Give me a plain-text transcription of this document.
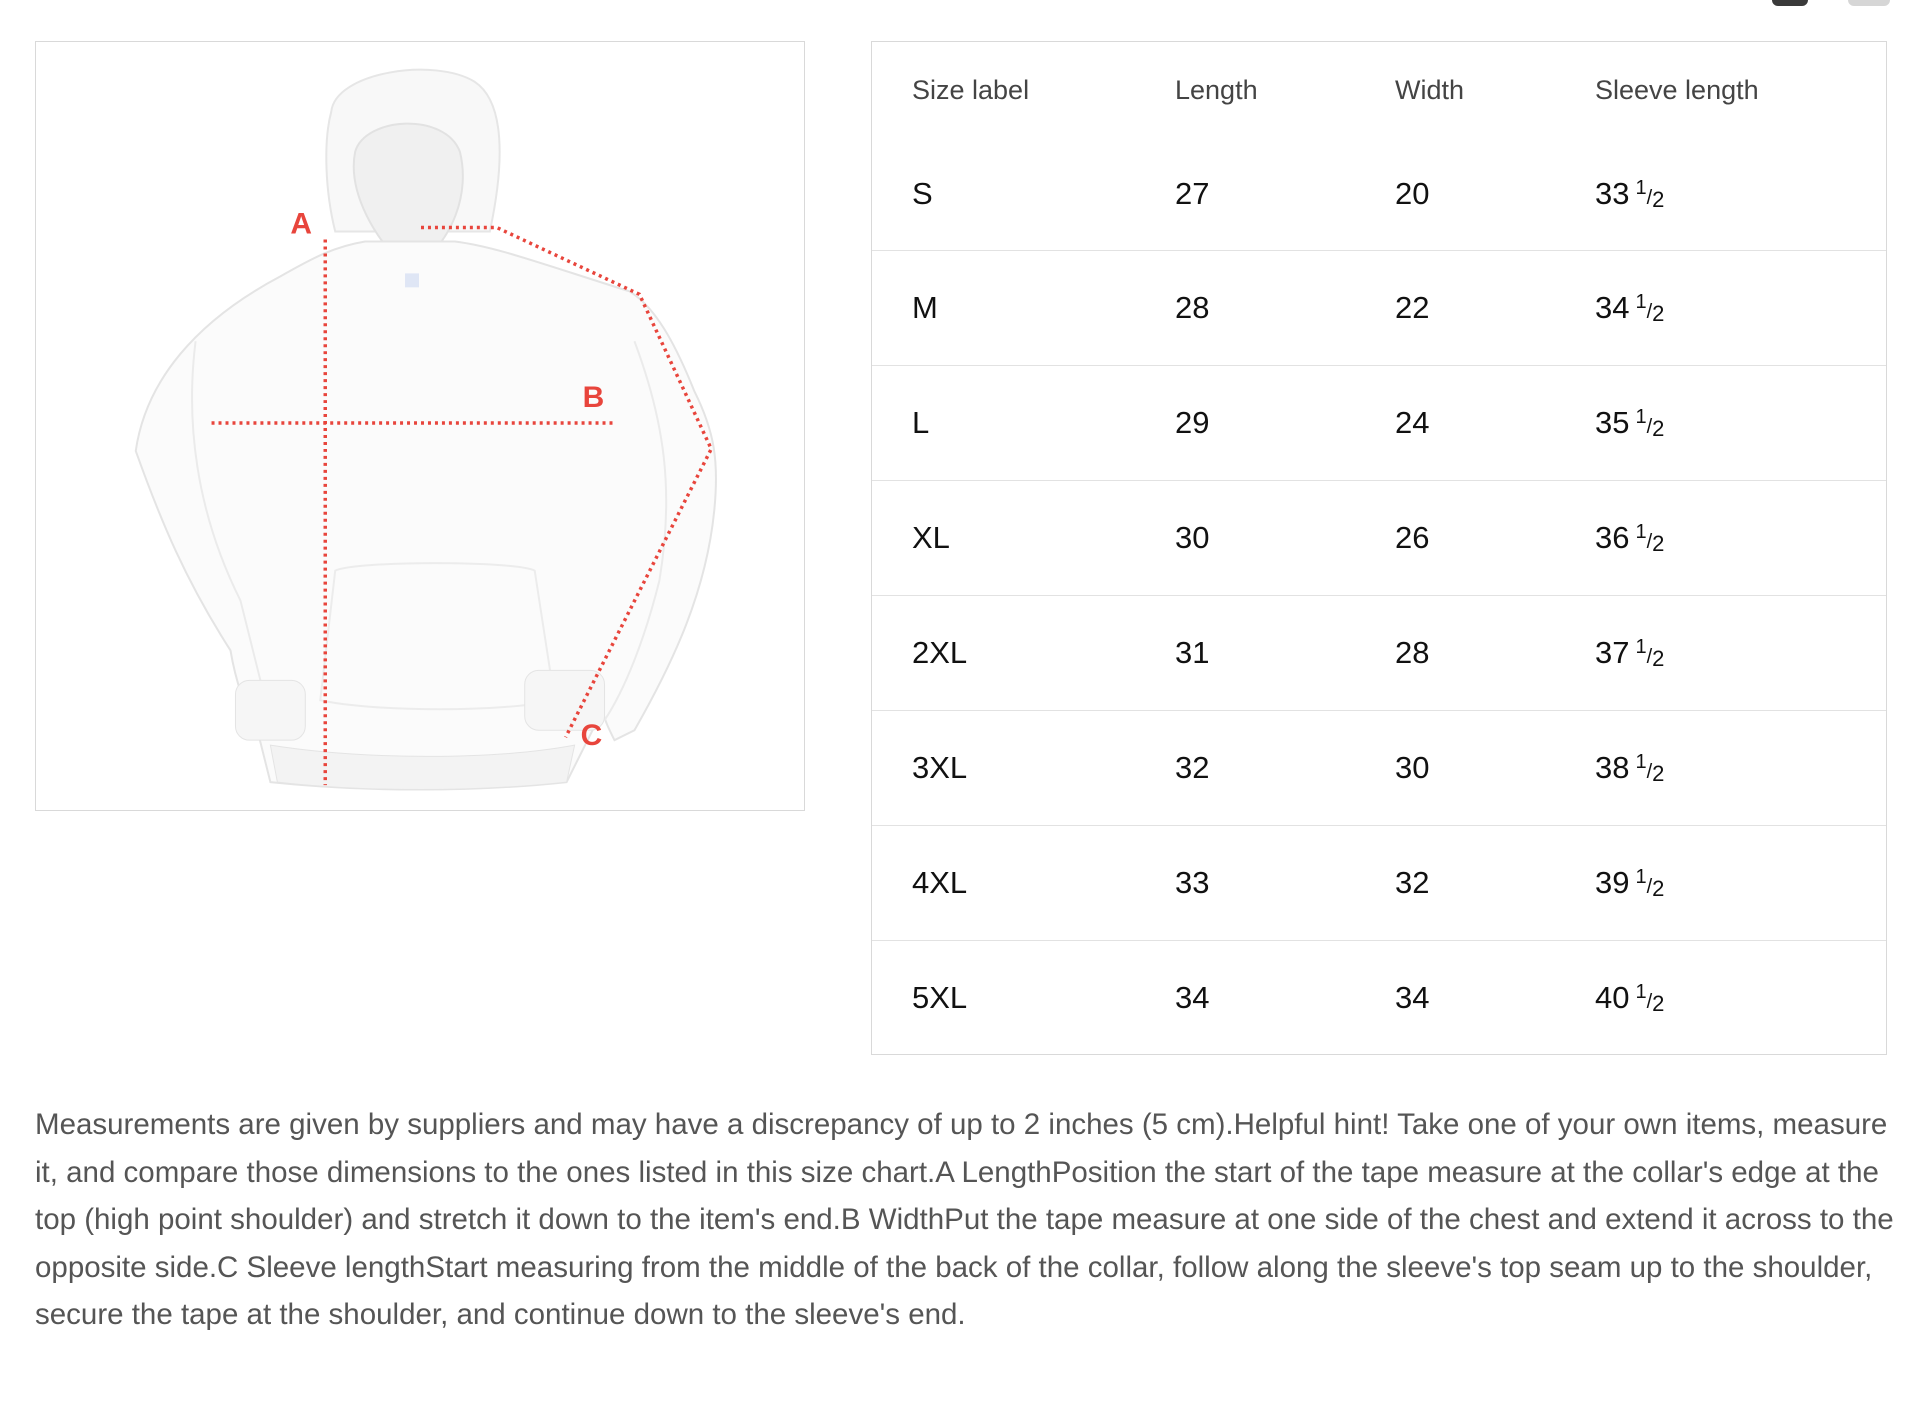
A
B
C
Size label	Length	Width	Sleeve length
S	27	20	33 1/2
M	28	22	34 1/2
L	29	24	35 1/2
XL	30	26	36 1/2
2XL	31	28	37 1/2
3XL	32	30	38 1/2
4XL	33	32	39 1/2
5XL	34	34	40 1/2

Measurements are given by suppliers and may have a discrepancy of up to 2 inches (5 cm).Helpful hint! Take one of your own items, measure it, and compare those dimensions to the ones listed in this size chart.A LengthPosition the start of the tape measure at the collar's edge at the top (high point shoulder) and stretch it down to the item's end.B WidthPut the tape measure at one side of the chest and extend it across to the opposite side.C Sleeve lengthStart measuring from the middle of the back of the collar, follow along the sleeve's top seam up to the shoulder, secure the tape at the shoulder, and continue down to the sleeve's end.
